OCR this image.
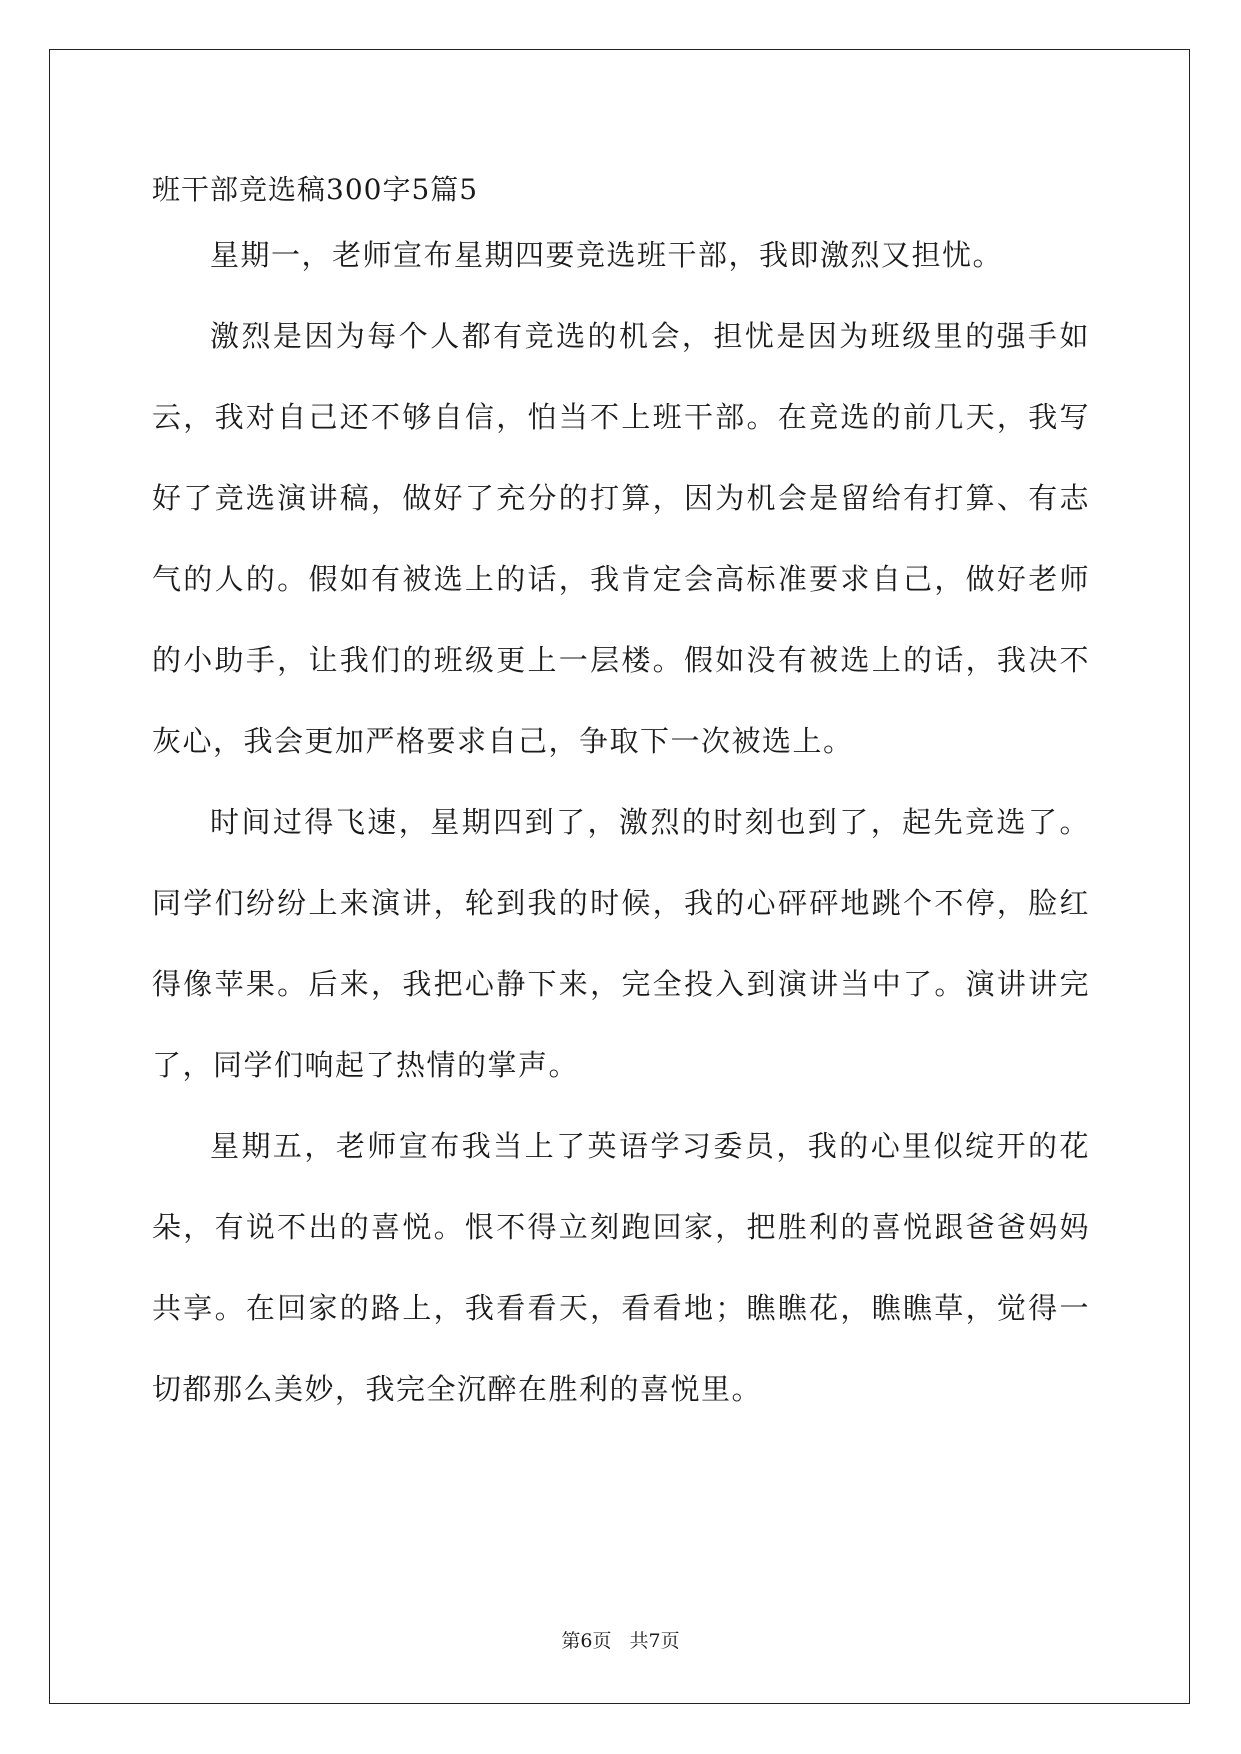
班干部竞选稿300字5篇5

星期一，老师宣布星期四要竞选班干部，我即激烈又担忧。

激烈是因为每个人都有竞选的机会，担忧是因为班级里的强手如云，我对自己还不够自信，怕当不上班干部。在竞选的前几天，我写好了竞选演讲稿，做好了充分的打算，因为机会是留给有打算、有志气的人的。假如有被选上的话，我肯定会高标准要求自己，做好老师的小助手，让我们的班级更上一层楼。假如没有被选上的话，我决不灰心，我会更加严格要求自己，争取下一次被选上。

时间过得飞速，星期四到了，激烈的时刻也到了，起先竞选了。同学们纷纷上来演讲，轮到我的时候，我的心砰砰地跳个不停，脸红得像苹果。后来，我把心静下来，完全投入到演讲当中了。演讲讲完了，同学们响起了热情的掌声。

星期五，老师宣布我当上了英语学习委员，我的心里似绽开的花朵，有说不出的喜悦。恨不得立刻跑回家，把胜利的喜悦跟爸爸妈妈共享。在回家的路上，我看看天，看看地；瞧瞧花，瞧瞧草，觉得一切都那么美妙，我完全沉醉在胜利的喜悦里。

第6页 共7页
